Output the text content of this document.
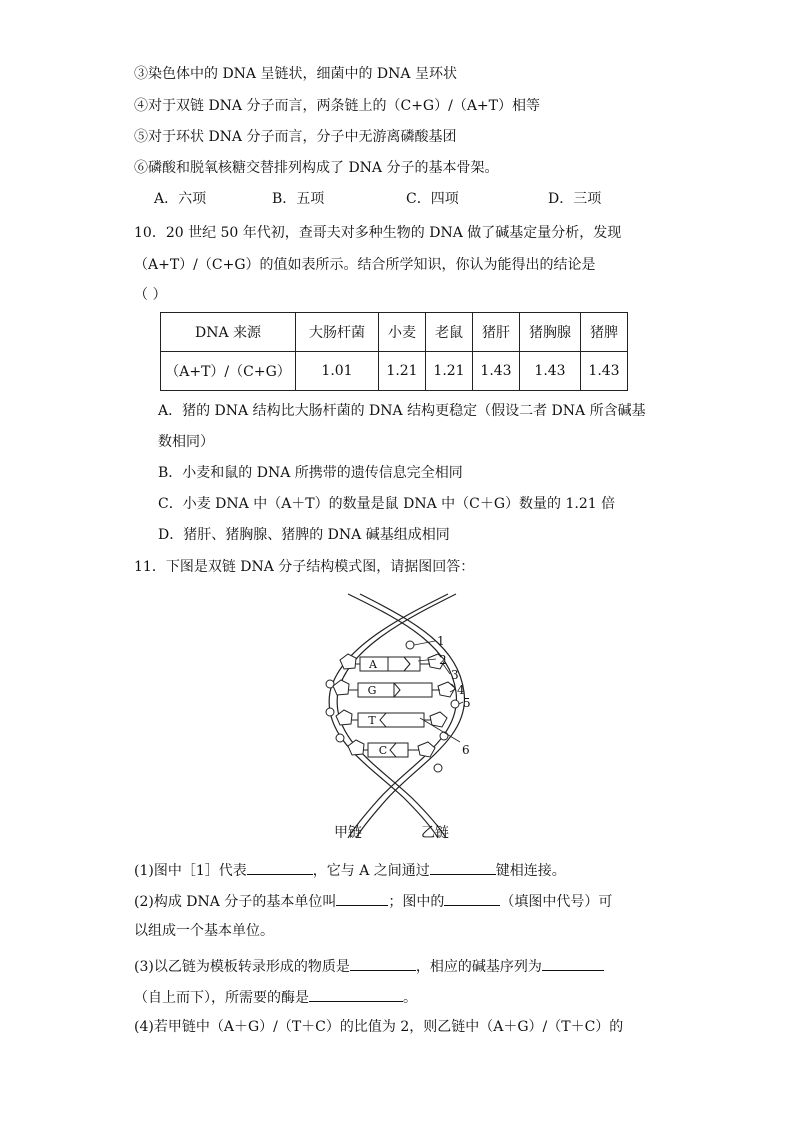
③染色体中的 DNA 呈链状，细菌中的 DNA 呈环状
④对于双链 DNA 分子而言，两条链上的（C+G）/（A+T）相等
⑤对于环状 DNA 分子而言，分子中无游离磷酸基团
⑥磷酸和脱氧核糖交替排列构成了 DNA 分子的基本骨架。
A．六项	B．五项	C．四项	D．三项
10．20 世纪 50 年代初，查哥夫对多种生物的 DNA 做了碱基定量分析，发现
（A+T）/（C+G）的值如表所示。结合所学知识，你认为能得出的结论是
（ ）
DNA 来源	大肠杆菌	小麦	老鼠	猪肝	猪胸腺	猪脾
（A+T）/（C+G）	1.01	1.21	1.21	1.43	1.43	1.43
A．猪的 DNA 结构比大肠杆菌的 DNA 结构更稳定（假设二者 DNA 所含碱基
数相同）
B．小麦和鼠的 DNA 所携带的遗传信息完全相同
C．小麦 DNA 中（A＋T）的数量是鼠 DNA 中（C＋G）数量的 1.21 倍
D．猪肝、猪胸腺、猪脾的 DNA 碱基组成相同
11．下图是双链 DNA 分子结构模式图，请据图回答：
A
G
T
C
1
2
3
4
5
6
甲链	乙链
(1)图中［1］代表	，它与 A 之间通过	键相连接。
(2)构成 DNA 分子的基本单位叫	；图中的	（填图中代号）可
以组成一个基本单位。
(3)以乙链为模板转录形成的物质是	，相应的碱基序列为
（自上而下），所需要的酶是	。
(4)若甲链中（A＋G）/（T＋C）的比值为 2，则乙链中（A＋G）/（T＋C）的
